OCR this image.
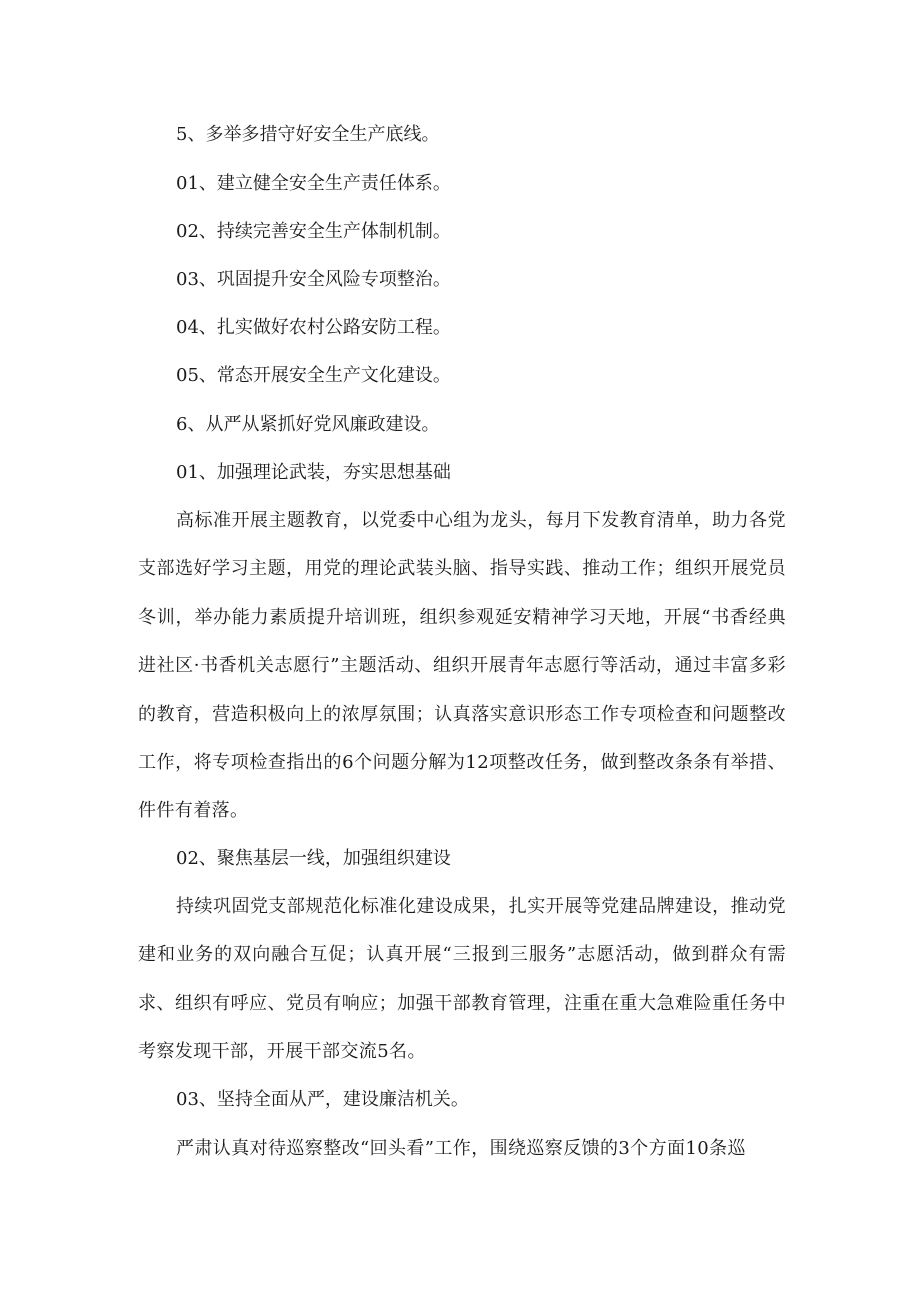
5、多举多措守好安全生产底线。
01、建立健全安全生产责任体系。
02、持续完善安全生产体制机制。
03、巩固提升安全风险专项整治。
04、扎实做好农村公路安防工程。
05、常态开展安全生产文化建设。
6、从严从紧抓好党风廉政建设。
01、加强理论武装，夯实思想基础

高标准开展主题教育，以党委中心组为龙头，每月下发教育清单，助力各党支部选好学习主题，用党的理论武装头脑、指导实践、推动工作；组织开展党员冬训，举办能力素质提升培训班，组织参观延安精神学习天地，开展“书香经典进社区·书香机关志愿行”主题活动、组织开展青年志愿行等活动，通过丰富多彩的教育，营造积极向上的浓厚氛围；认真落实意识形态工作专项检查和问题整改工作，将专项检查指出的6个问题分解为12项整改任务，做到整改条条有举措、件件有着落。

02、聚焦基层一线，加强组织建设

持续巩固党支部规范化标准化建设成果，扎实开展等党建品牌建设，推动党建和业务的双向融合互促；认真开展“三报到三服务”志愿活动，做到群众有需求、组织有呼应、党员有响应；加强干部教育管理，注重在重大急难险重任务中考察发现干部，开展干部交流5名。

03、坚持全面从严，建设廉洁机关。

严肃认真对待巡察整改“回头看”工作，围绕巡察反馈的3个方面10条巡
